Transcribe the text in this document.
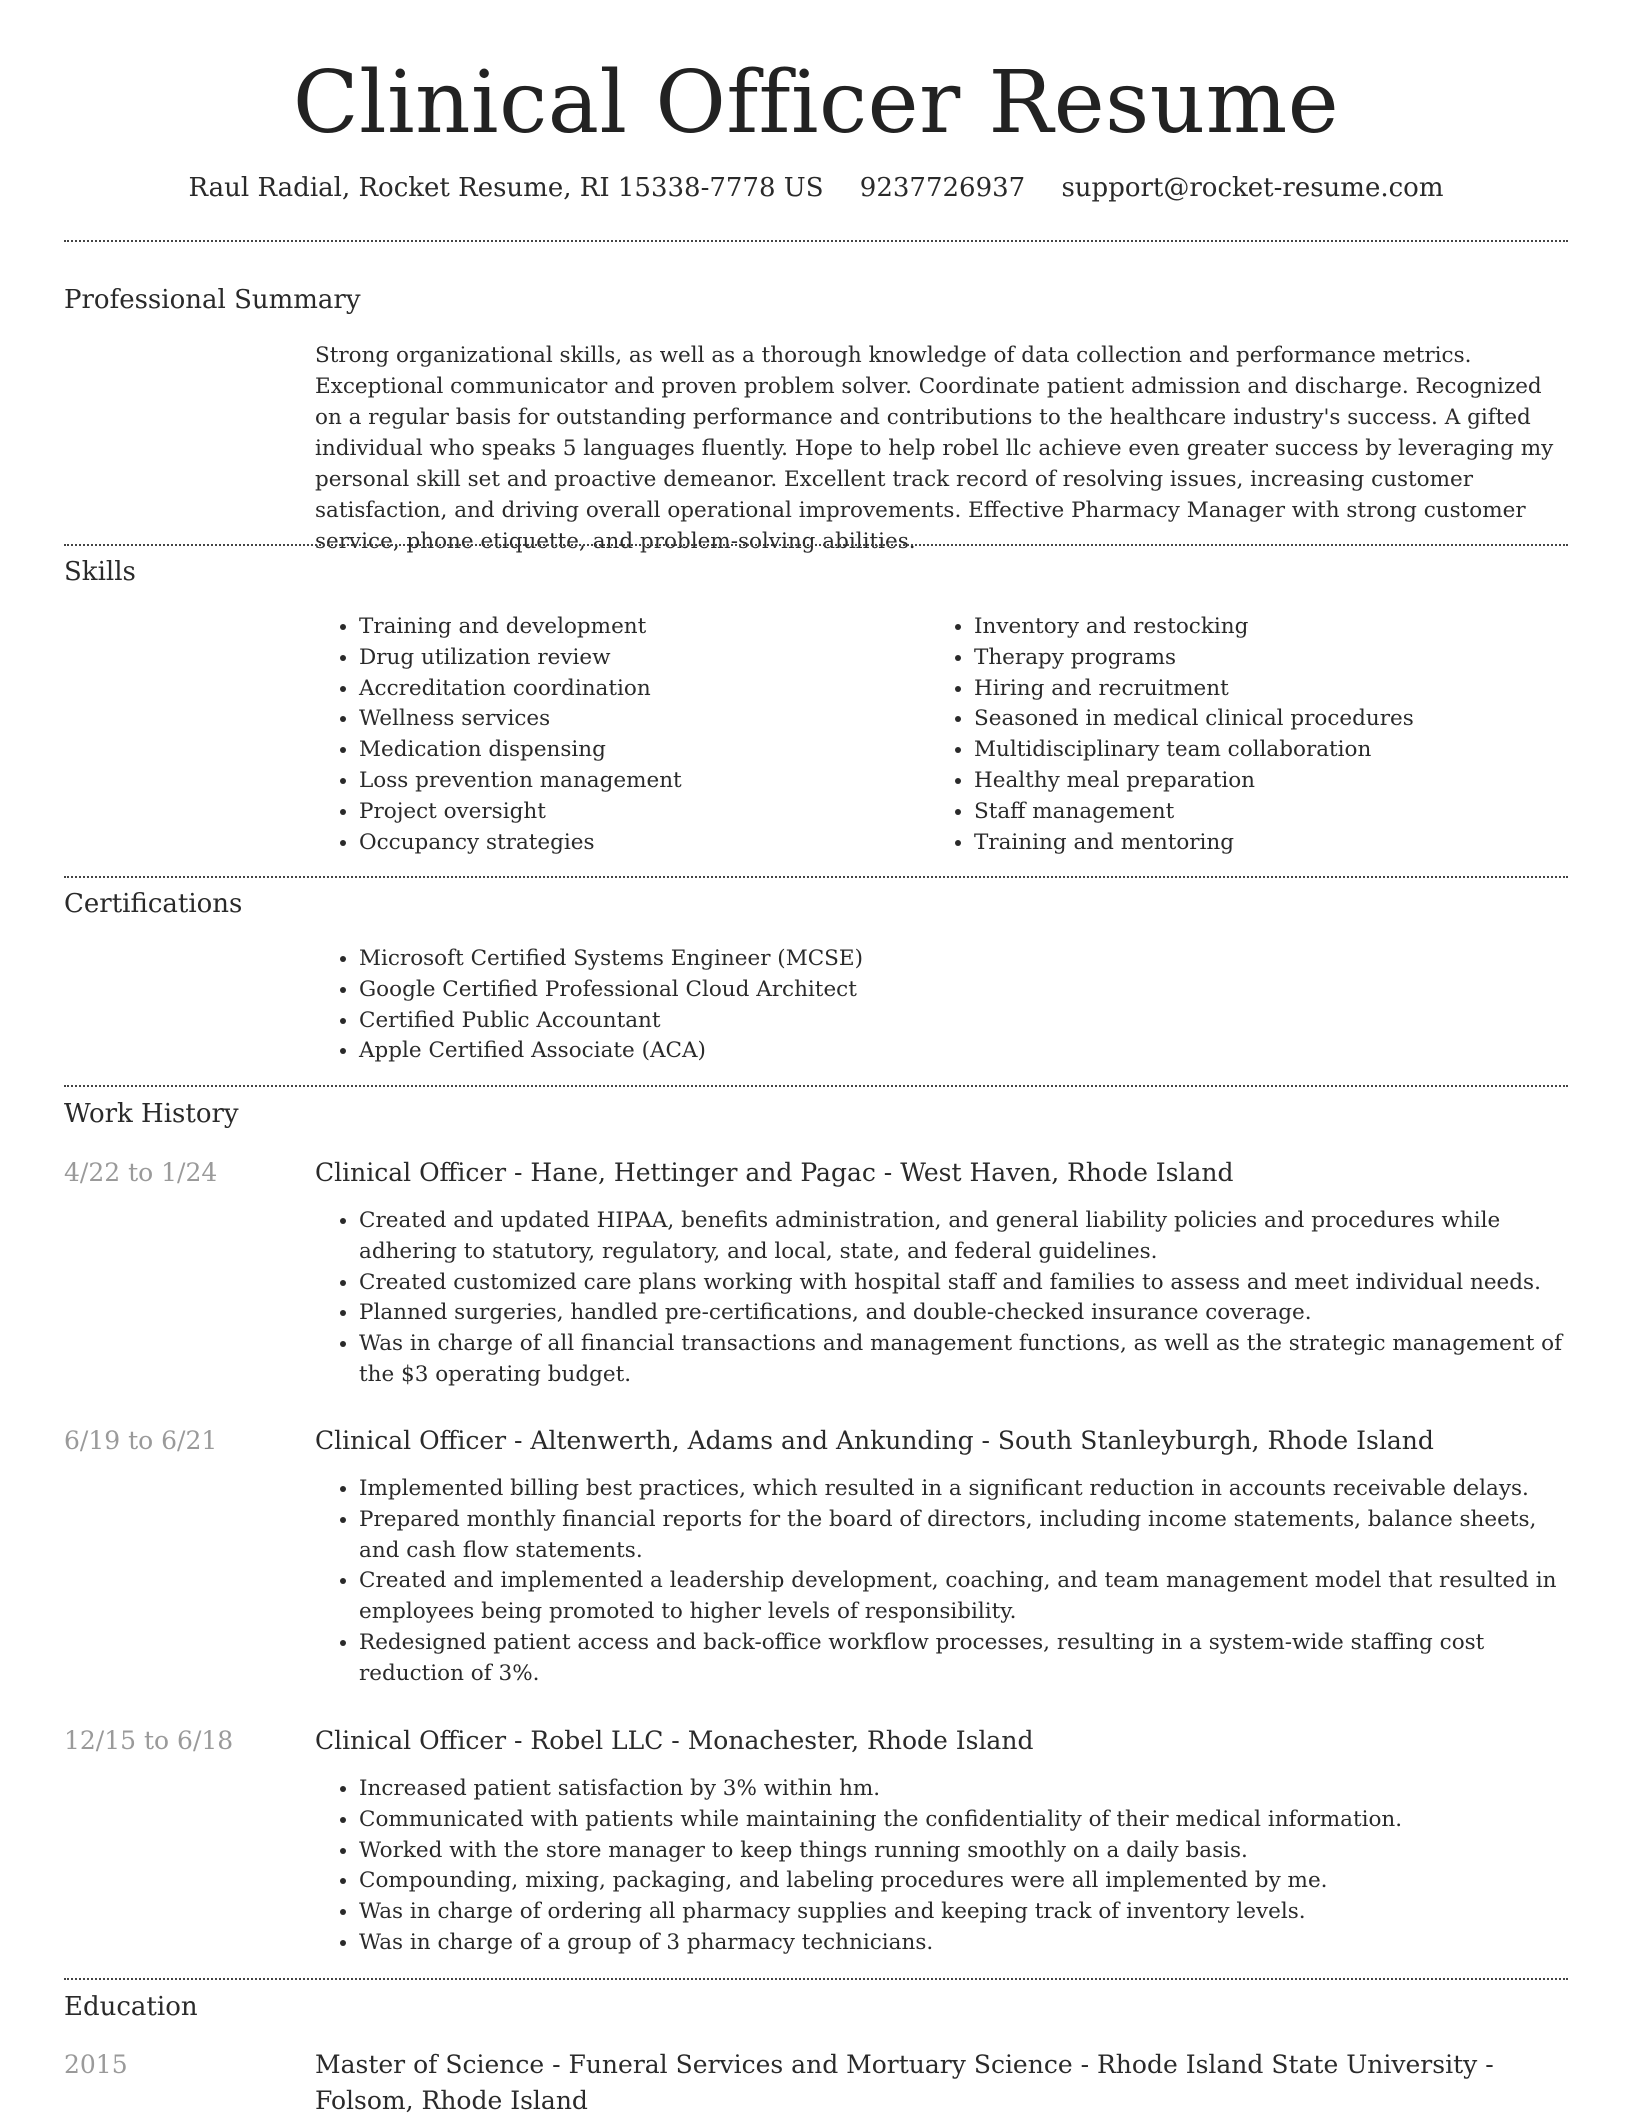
Clinical Officer Resume
Raul Radial, Rocket Resume, RI 15338-7778 US 9237726937 support@rocket-resume.com
Professional Summary

Strong organizational skills, as well as a thorough knowledge of data collection and performance metrics. Exceptional communicator and proven problem solver. Coordinate patient admission and discharge. Recognized on a regular basis for outstanding performance and contributions to the healthcare industry's success. A gifted individual who speaks 5 languages fluently. Hope to help robel llc achieve even greater success by leveraging my personal skill set and proactive demeanor. Excellent track record of resolving issues, increasing customer satisfaction, and driving overall operational improvements. Effective Pharmacy Manager with strong customer service, phone etiquette, and problem-solving abilities.

Skills
• Training and development
• Drug utilization review
• Accreditation coordination
• Wellness services
• Medication dispensing
• Loss prevention management
• Project oversight
• Occupancy strategies
• Inventory and restocking
• Therapy programs
• Hiring and recruitment
• Seasoned in medical clinical procedures
• Multidisciplinary team collaboration
• Healthy meal preparation
• Staff management
• Training and mentoring
Certifications
• Microsoft Certified Systems Engineer (MCSE)
• Google Certified Professional Cloud Architect
• Certified Public Accountant
• Apple Certified Associate (ACA)
Work History
4/22 to 1/24	Clinical Officer - Hane, Hettinger and Pagac - West Haven, Rhode Island
• Created and updated HIPAA, benefits administration, and general liability policies and procedures while adhering to statutory, regulatory, and local, state, and federal guidelines.
• Created customized care plans working with hospital staff and families to assess and meet individual needs.
• Planned surgeries, handled pre-certifications, and double-checked insurance coverage.
• Was in charge of all financial transactions and management functions, as well as the strategic management of the $3 operating budget.
6/19 to 6/21	Clinical Officer - Altenwerth, Adams and Ankunding - South Stanleyburgh, Rhode Island
• Implemented billing best practices, which resulted in a significant reduction in accounts receivable delays.
• Prepared monthly financial reports for the board of directors, including income statements, balance sheets, and cash flow statements.
• Created and implemented a leadership development, coaching, and team management model that resulted in employees being promoted to higher levels of responsibility.
• Redesigned patient access and back-office workflow processes, resulting in a system-wide staffing cost reduction of 3%.
12/15 to 6/18	Clinical Officer - Robel LLC - Monachester, Rhode Island
• Increased patient satisfaction by 3% within hm.
• Communicated with patients while maintaining the confidentiality of their medical information.
• Worked with the store manager to keep things running smoothly on a daily basis.
• Compounding, mixing, packaging, and labeling procedures were all implemented by me.
• Was in charge of ordering all pharmacy supplies and keeping track of inventory levels.
• Was in charge of a group of 3 pharmacy technicians.
Education
2015	Master of Science - Funeral Services and Mortuary Science - Rhode Island State University - Folsom, Rhode Island
